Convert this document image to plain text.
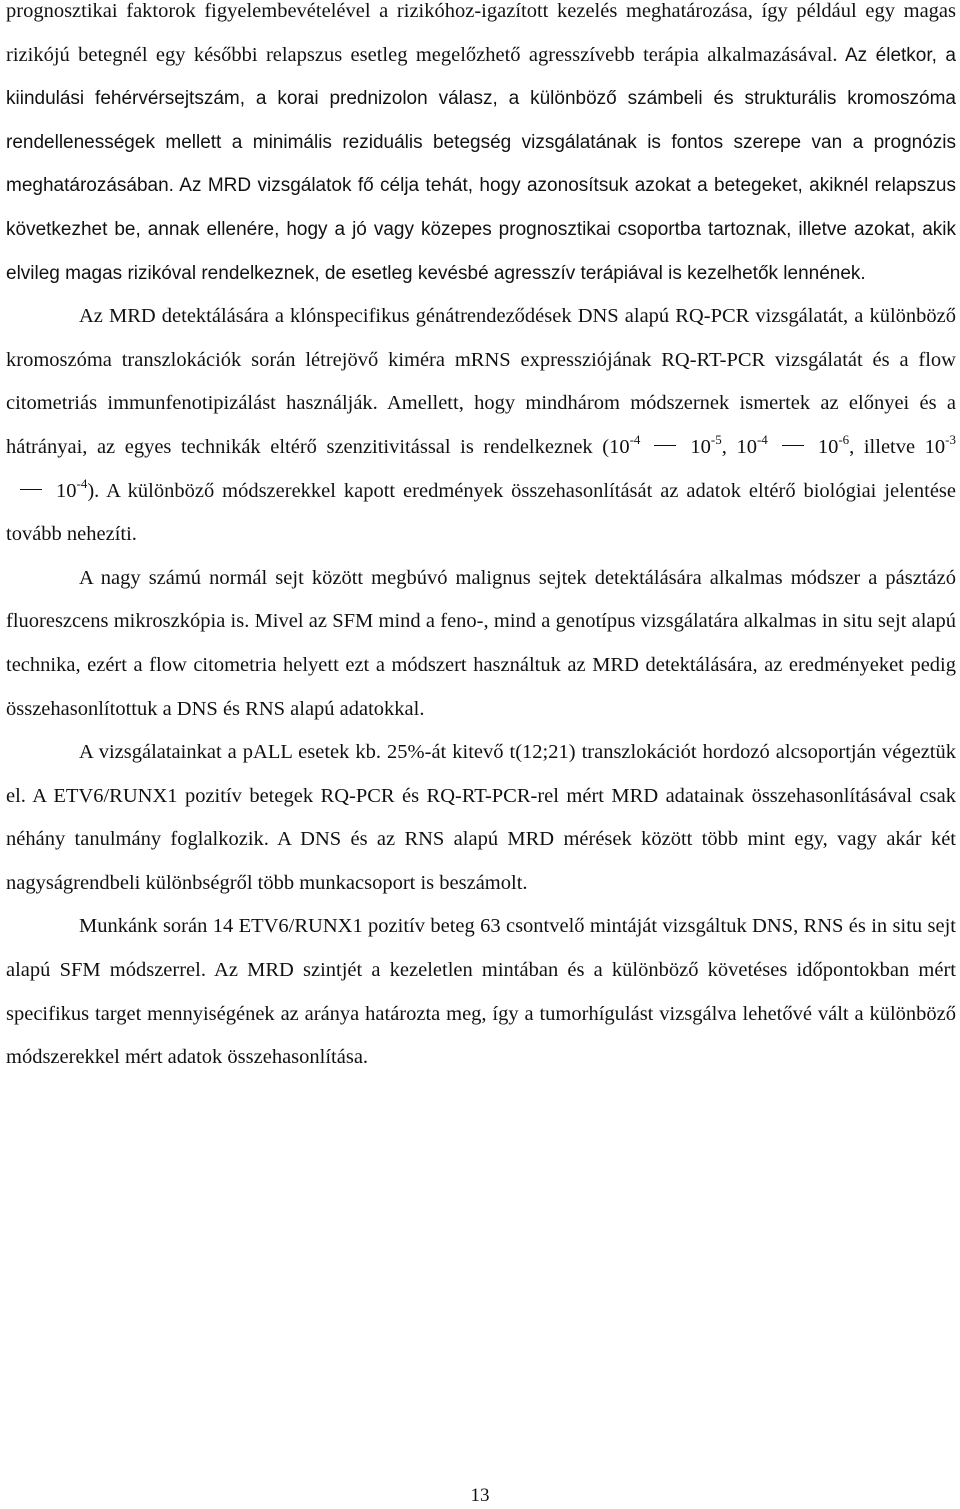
prognosztikai faktorok figyelembevételével a rizikóhoz-igazított kezelés meghatározása, így például egy magas rizikójú betegnél egy későbbi relapszus esetleg megelőzhető agresszívebb terápia alkalmazásával. Az életkor, a kiindulási fehérvérsejtszám, a korai prednizolon válasz, a különböző számbeli és strukturális kromoszóma rendellenességek mellett a minimális reziduális betegség vizsgálatának is fontos szerepe van a prognózis meghatározásában. Az MRD vizsgálatok fő célja tehát, hogy azonosítsuk azokat a betegeket, akiknél relapszus következhet be, annak ellenére, hogy a jó vagy közepes prognosztikai csoportba tartoznak, illetve azokat, akik elvileg magas rizikóval rendelkeznek, de esetleg kevésbé agresszív terápiával is kezelhetők lennének.

Az MRD detektálására a klónspecifikus génátrendeződések DNS alapú RQ-PCR vizsgálatát, a különböző kromoszóma transzlokációk során létrejövő kiméra mRNS expressziójának RQ-RT-PCR vizsgálatát és a flow citometriás immunfenotipizálást használják. Amellett, hogy mindhárom módszernek ismertek az előnyei és a hátrányai, az egyes technikák eltérő szenzitivitással is rendelkeznek ($10^{-4}$ $10^{-5}$, $10^{-4}$ $10^{-6}$, illetve $10^{-3}10^{-4}$). A különböző módszerekkel kapott eredmények összehasonlítását az adatok eltérő biológiai jelentése tovább nehezíti.

A nagy számú normál sejt között megbúvó malignus sejtek detektálására alkalmas módszer a pásztázó fluoreszcens mikroszkópia is. Mivel az SFM mind a feno-, mind a genotípus vizsgálatára alkalmas in situ sejt alapú technika, ezért a flow citometria helyett ezt a módszert használtuk az MRD detektálására, az eredményeket pedig összehasonlítottuk a DNS és RNS alapú adatokkal.

A vizsgálatainkat a pALL esetek kb. 25%-át kitevő t(12;21) transzlokációt hordozó alcsoportján végeztük el. A ETV6/RUNX1 pozitív betegek RQ-PCR és RQ-RT-PCR-rel mért MRD adatainak összehasonlításával csak néhány tanulmány foglalkozik. A DNS és az RNS alapú MRD mérések között több mint egy, vagy akár két nagyságrendbeli különbségről több munkacsoport is beszámolt.

Munkánk során 14 ETV6/RUNX1 pozitív beteg 63 csontvelő mintáját vizsgáltuk DNS, RNS és in situ sejt alapú SFM módszerrel. Az MRD szintjét a kezeletlen mintában és a különböző követéses időpontokban mért specifikus target mennyiségének az aránya határozta meg, így a tumorhígulást vizsgálva lehetővé vált a különböző módszerekkel mért adatok összehasonlítása.

13
